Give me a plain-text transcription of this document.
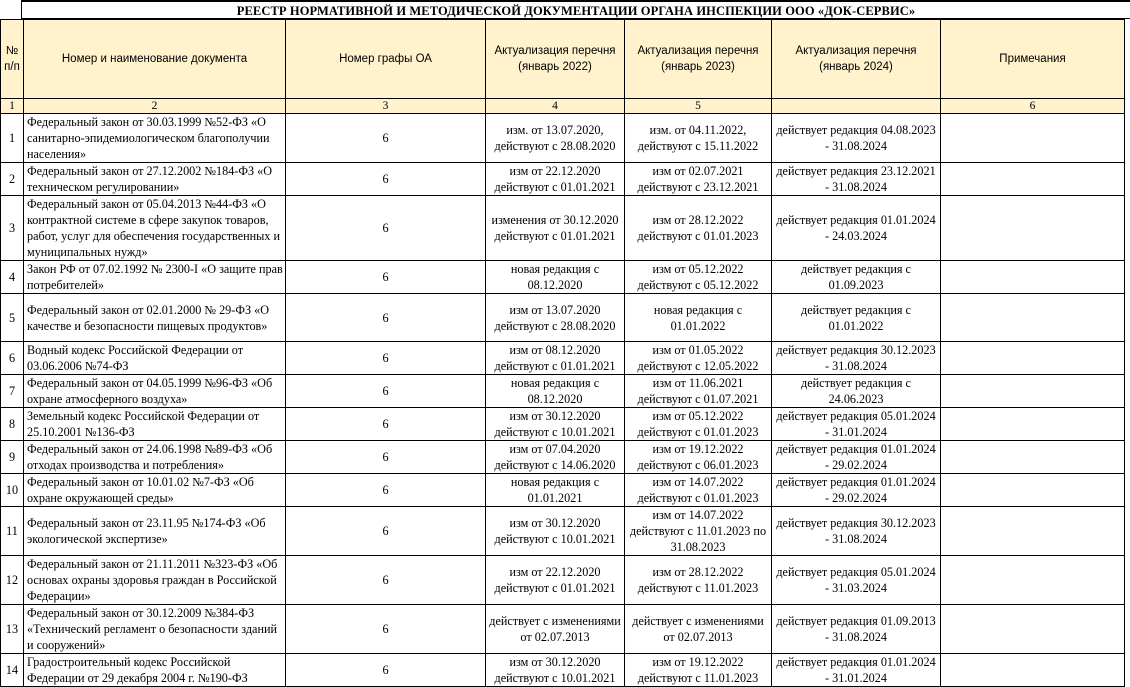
РЕЕСТР НОРМАТИВНОЙ И МЕТОДИЧЕСКОЙ ДОКУМЕНТАЦИИ ОРГАНА ИНСПЕКЦИИ ООО «ДОК-СЕРВИС»
№ п/п	Номер и наименование документа	Номер графы ОА	Актуализация перечня (январь 2022)	Актуализация перечня (январь 2023)	Актуализация перечня (январь 2024)	Примечания
1	2	3	4	5		6
1	Федеральный закон от 30.03.1999 №52-ФЗ «О санитарно-эпидемиологическом благополучии населения»	6	изм. от 13.07.2020, действуют с 28.08.2020	изм. от 04.11.2022, действуют с 15.11.2022	действует редакция 04.08.2023 - 31.08.2024	
2	Федеральный закон от 27.12.2002 №184-ФЗ «О техническом регулировании»	6	изм от 22.12.2020 действуют с 01.01.2021	изм от 02.07.2021 действуют с 23.12.2021	действует редакция 23.12.2021 - 31.08.2024	
3	Федеральный закон от 05.04.2013 №44-ФЗ «О контрактной системе в сфере закупок товаров, работ, услуг для обеспечения государственных и муниципальных нужд»	6	изменения от 30.12.2020 действуют с 01.01.2021	изм от 28.12.2022 действуют с 01.01.2023	действует редакция 01.01.2024 - 24.03.2024	
4	Закон РФ от 07.02.1992 № 2300-I «О защите прав потребителей»	6	новая редакция с 08.12.2020	изм от 05.12.2022 действуют с 05.12.2022	действует редакция с 01.09.2023	
5	Федеральный закон от 02.01.2000 № 29-ФЗ «О качестве и безопасности пищевых продуктов»	6	изм от 13.07.2020 действуют с 28.08.2020	новая редакция с 01.01.2022	действует редакция с 01.01.2022	
6	Водный кодекс Российской Федерации от 03.06.2006 №74-ФЗ	6	изм от 08.12.2020 действуют с 01.01.2021	изм от 01.05.2022 действуют с 12.05.2022	действует редакция 30.12.2023 - 31.08.2024	
7	Федеральный закон от 04.05.1999 №96-ФЗ «Об охране атмосферного воздуха»	6	новая редакция с 08.12.2020	изм от 11.06.2021 действуют с 01.07.2021	действует редакция с 24.06.2023	
8	Земельный кодекс Российской Федерации от 25.10.2001 №136-ФЗ	6	изм от 30.12.2020 действуют с 10.01.2021	изм от 05.12.2022 действуют с 01.01.2023	действует редакция 05.01.2024 - 31.01.2024	
9	Федеральный закон от 24.06.1998 №89-ФЗ «Об отходах производства и потребления»	6	изм от 07.04.2020 действуют с 14.06.2020	изм от 19.12.2022 действуют с 06.01.2023	действует редакция 01.01.2024 - 29.02.2024	
10	Федеральный закон от 10.01.02 №7-ФЗ «Об охране окружающей среды»	6	новая редакция с 01.01.2021	изм от 14.07.2022 действуют с 01.01.2023	действует редакция 01.01.2024 - 29.02.2024	
11	Федеральный закон от 23.11.95 №174-ФЗ «Об экологической экспертизе»	6	изм от 30.12.2020 действуют с 10.01.2021	изм от 14.07.2022 действуют с 11.01.2023 по 31.08.2023	действует редакция 30.12.2023 - 31.08.2024	
12	Федеральный закон от 21.11.2011 №323-ФЗ «Об основах охраны здоровья граждан в Российской Федерации»	6	изм от 22.12.2020 действуют с 01.01.2021	изм от 28.12.2022 действуют с 11.01.2023	действует редакция 05.01.2024 - 31.03.2024	
13	Федеральный закон от 30.12.2009 №384-ФЗ «Технический регламент о безопасности зданий и сооружений»	6	действует с изменениями от 02.07.2013	действует с изменениями от 02.07.2013	действует редакция 01.09.2013 - 31.08.2024	
14	Градостроительный кодекс Российской Федерации от 29 декабря 2004 г. №190-ФЗ	6	изм от 30.12.2020 действуют с 10.01.2021	изм от 19.12.2022 действуют с 11.01.2023	действует редакция 01.01.2024 - 31.01.2024	
